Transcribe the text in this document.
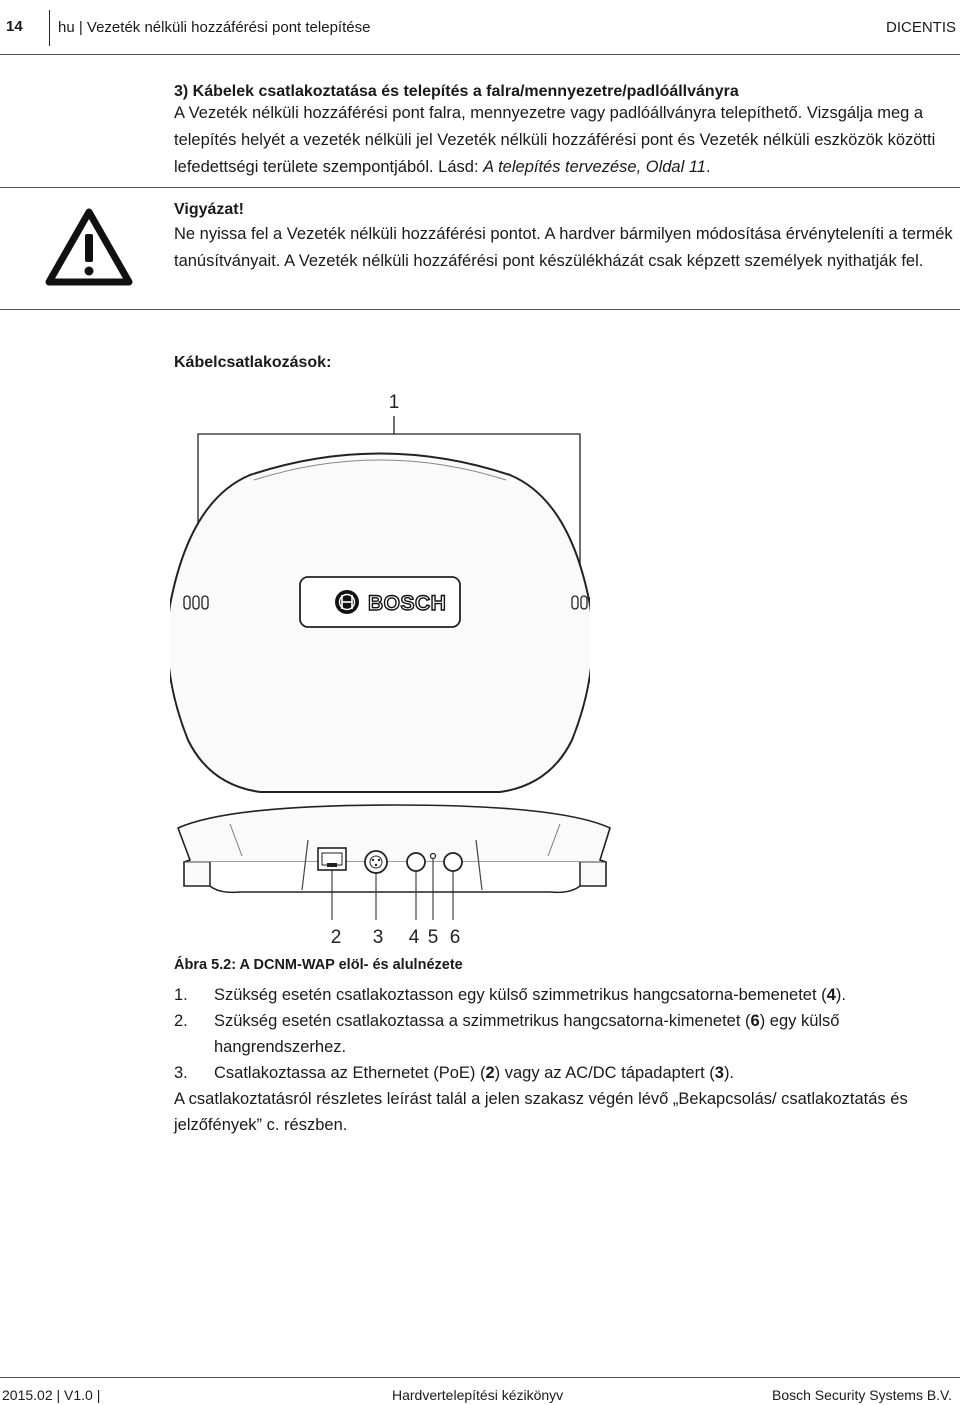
14 hu | Vezeték nélküli hozzáférési pont telepítése	DICENTIS
3) Kábelek csatlakoztatása és telepítés a falra/mennyezetre/padlóállványra
A Vezeték nélküli hozzáférési pont falra, mennyezetre vagy padlóállványra telepíthető. Vizsgálja meg a telepítés helyét a vezeték nélküli jel Vezeték nélküli hozzáférési pont és Vezeték nélküli eszközök közötti lefedettségi területe szempontjából. Lásd: A telepítés tervezése, Oldal 11.
Vigyázat!
Ne nyissa fel a Vezeték nélküli hozzáférési pontot. A hardver bármilyen módosítása érvényteleníti a termék tanúsítványait. A Vezeték nélküli hozzáférési pont készülékházát csak képzett személyek nyithatják fel.
Kábelcsatlakozások:
1
BOSCH
2 3 4 5 6
Ábra 5.2: A DCNM-WAP elöl- és alulnézete
1. Szükség esetén csatlakoztasson egy külső szimmetrikus hangcsatorna-bemenetet (4).
2. Szükség esetén csatlakoztassa a szimmetrikus hangcsatorna-kimenetet (6) egy külső hangrendszerhez.
3. Csatlakoztassa az Ethernetet (PoE) (2) vagy az AC/DC tápadaptert (3).
A csatlakoztatásról részletes leírást talál a jelen szakasz végén lévő „Bekapcsolás/ csatlakoztatás és jelzőfények” c. részben.
2015.02 | V1.0 |	Hardvertelepítési kézikönyv	Bosch Security Systems B.V.
